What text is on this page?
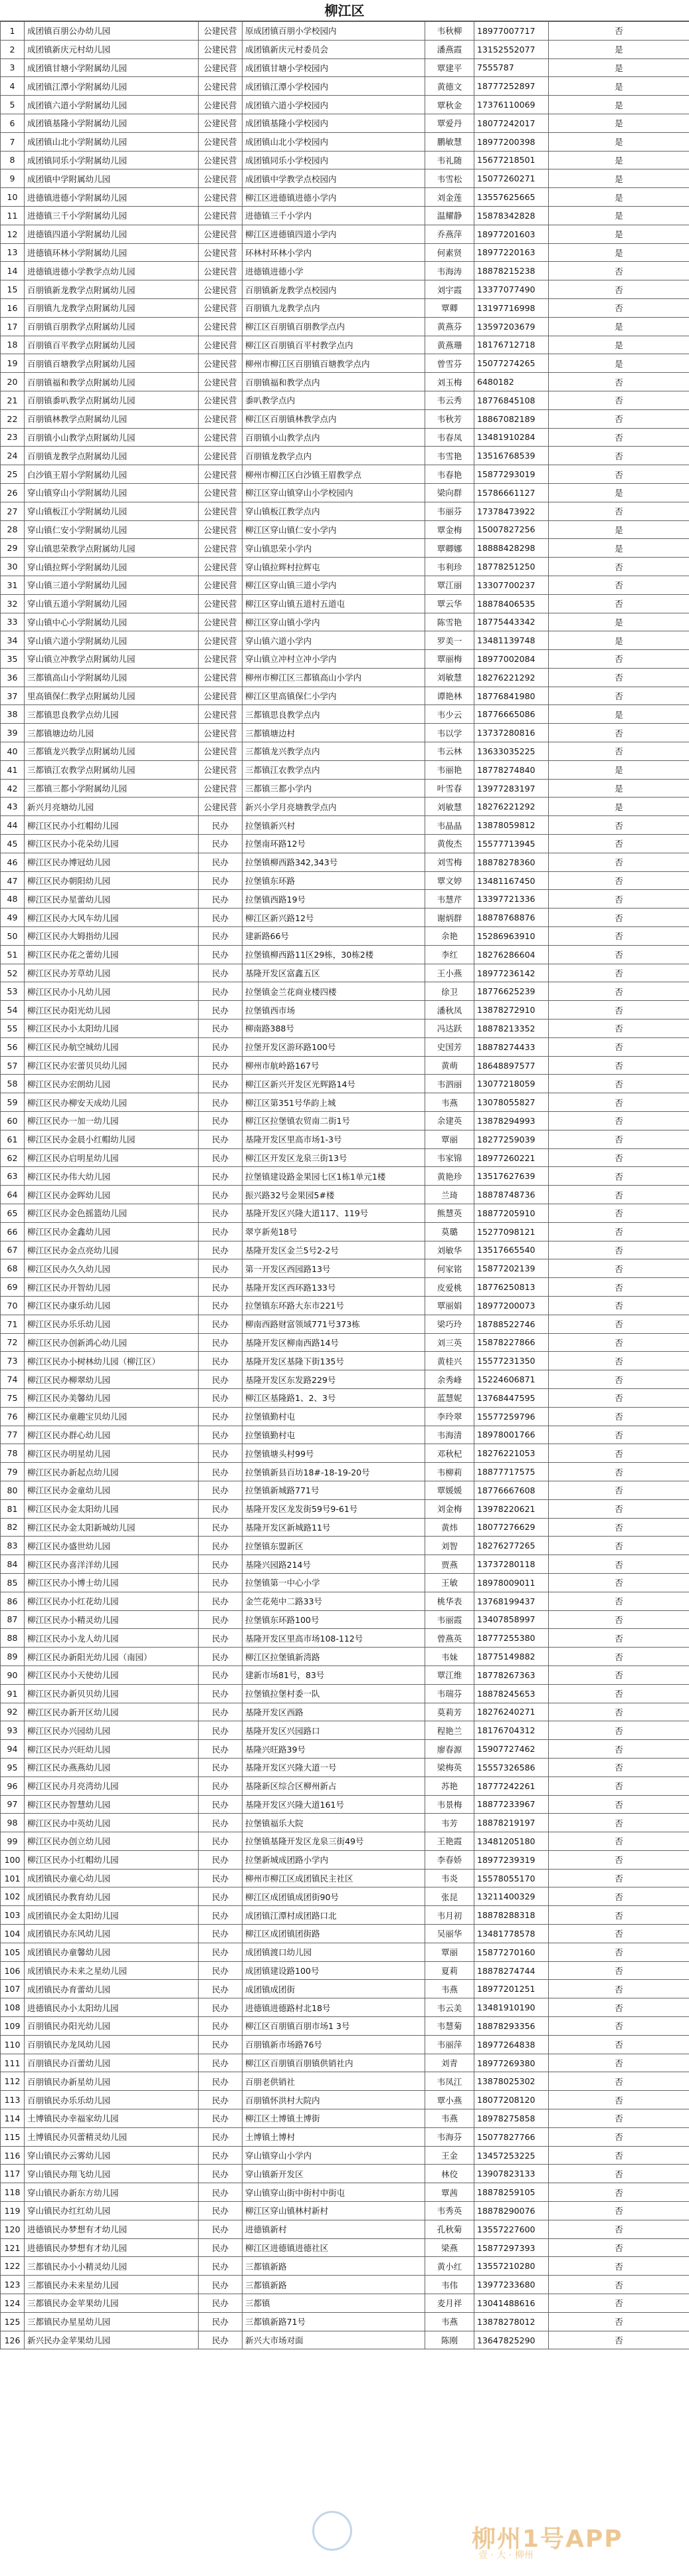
柳江区
1	成团镇百朋公办幼儿园	公建民营	原成团镇百朋小学校园内	韦秋柳	18977007717	否
2	成团镇新庆元村幼儿园	公建民营	成团镇新庆元村委员会	潘燕霞	13152552077	是
3	成团镇甘塘小学附属幼儿园	公建民营	成团镇甘塘小学校园内	覃建平	7555787	是
4	成团镇江潭小学附属幼儿园	公建民营	成团镇江潭小学校园内	黄德文	18777252897	是
5	成团镇六道小学附属幼儿园	公建民营	成团镇六道小学校园内	覃秋金	17376110069	是
6	成团镇基隆小学附属幼儿园	公建民营	成团镇基隆小学校园内	覃爱丹	18077242017	是
7	成团镇山北小学附属幼儿园	公建民营	成团镇山北小学校园内	鹏敏慧	18977200398	是
8	成团镇同乐小学附属幼儿园	公建民营	成团镇同乐小学校园内	韦礼随	15677218501	是
9	成团镇中学附属幼儿园	公建民营	成团镇中学教学点校园内	韦雪松	15077260271	是
10	进德镇进德小学附属幼儿园	公建民营	柳江区进德镇进德小学内	刘金莲	13557625665	是
11	进德镇三千小学附属幼儿园	公建民营	进德镇三千小学内	温耀静	15878342828	是
12	进德镇四道小学附属幼儿园	公建民营	柳江区进德镇四道小学内	乔燕萍	18977201603	是
13	进德镇环林小学附属幼儿园	公建民营	环林村环林小学内	何素贤	18977220163	是
14	进德镇进德小学教学点幼儿园	公建民营	进德镇进德小学	韦海涛	18878215238	否
15	百朋镇新龙教学点附属幼儿园	公建民营	百朋镇新龙教学点校园内	刘宇霞	13377077490	否
16	百朋镇九龙教学点附属幼儿园	公建民营	百朋镇九龙教学点内	覃卿	13197716998	否
17	百朋镇百朋教学点附属幼儿园	公建民营	柳江区百朋镇百朋教学点内	黄燕芬	13597203679	是
18	百朋镇百平教学点附属幼儿园	公建民营	柳江区百朋镇百平村教学点内	黄燕珊	18176712718	是
19	百朋镇百塘教学点附属幼儿园	公建民营	柳州市柳江区百朋镇百塘教学点内	曾雪芬	15077274265	是
20	百朋镇福和教学点附属幼儿园	公建民营	百朋镇福和教学点内	刘玉梅	6480182	否
21	百朋镇黍叭教学点附属幼儿园	公建民营	黍叭教学点内	韦云秀	18776845108	否
22	百朋镇林教学点附属幼儿园	公建民营	柳江区百朋镇林教学点内	韦秋芳	18867082189	否
23	百朋镇小山教学点附属幼儿园	公建民营	百朋镇小山教学点内	韦春凤	13481910284	否
24	百朋镇龙教学点附属幼儿园	公建民营	百朋镇龙教学点内	韦雪艳	13516768539	否
25	白沙镇王眉小学附属幼儿园	公建民营	柳州市柳江区白沙镇王眉教学点	韦春艳	15877293019	否
26	穿山镇穿山小学附属幼儿园	公建民营	柳江区穿山镇穿山小学校园内	梁向群	15786661127	是
27	穿山镇板江小学附属幼儿园	公建民营	穿山镇板江教学点内	韦丽芬	17378473922	否
28	穿山镇仁安小学附属幼儿园	公建民营	柳江区穿山镇仁安小学内	覃金梅	15007827256	是
29	穿山镇思荣教学点附属幼儿园	公建民营	穿山镇思荣小学内	覃卿娜	18888428298	是
30	穿山镇拉辉小学附属幼儿园	公建民营	穿山镇拉辉村拉辉屯	韦利珍	18778251250	否
31	穿山镇三道小学附属幼儿园	公建民营	柳江区穿山镇三道小学内	覃江丽	13307700237	否
32	穿山镇五道小学附属幼儿园	公建民营	柳江区穿山镇五道村五道屯	覃云华	18878406535	否
33	穿山镇中心小学附属幼儿园	公建民营	柳江区穿山镇小学内	陈雪艳	18775443342	是
34	穿山镇六道小学附属幼儿园	公建民营	穿山镇六道小学内	罗美一	13481139748	是
35	穿山镇立冲教学点附属幼儿园	公建民营	穿山镇立冲村立冲小学内	覃丽梅	18977002084	否
36	三都镇高山小学附属幼儿园	公建民营	柳州市柳江区三都镇高山小学内	刘敏慧	18276221292	否
37	里高镇保仁教学点附属幼儿园	公建民营	柳江区里高镇保仁小学内	谭艳林	18776841980	否
38	三都镇思良教学点幼儿园	公建民营	三都镇思良教学点内	韦少云	18776665086	是
39	三都镇塘边幼儿园	公建民营	三都镇塘边村	韦以学	13737280816	否
40	三都镇龙兴教学点附属幼儿园	公建民营	三都镇龙兴教学点内	韦云林	13633035225	否
41	三都镇江农教学点附属幼儿园	公建民营	三都镇江农教学点内	韦丽艳	18778274840	是
42	三都镇三都小学附属幼儿园	公建民营	三都镇三都小学内	叶雪春	13977283197	是
43	新兴月亮塘幼儿园	公建民营	新兴小学月亮塘教学点内	刘敏慧	18276221292	是
44	柳江区民办小红帽幼儿园	民办	拉堡镇新兴村	韦晶晶	13878059812	否
45	柳江区民办小花朵幼儿园	民办	拉堡南环路12号	黄俊杰	15577713945	否
46	柳江区民办博冠幼儿园	民办	拉堡镇柳西路342,343号	刘雪梅	18878278360	否
47	柳江区民办朝阳幼儿园	民办	拉堡镇东环路	覃文婷	13481167450	否
48	柳江区民办星蕾幼儿园	民办	拉堡镇西路19号	韦慧芹	13397721336	否
49	柳江区民办大风车幼儿园	民办	柳江区新兴路12号	谢炳群	18878768876	否
50	柳江区民办大姆指幼儿园	民办	建新路66号	余艳	15286963910	否
51	柳江区民办花之蕾幼儿园	民办	拉堡镇柳西路11区29栋，30栋2楼	李红	18276286604	否
52	柳江区民办芳草幼儿园	民办	基隆开发区富鑫五区	王小燕	18977236142	否
53	柳江区民办小凡幼儿园	民办	拉堡镇金兰花商业楼四楼	徐卫	18776625239	否
54	柳江区民办阳光幼儿园	民办	拉堡镇西市场	潘秋凤	13878272910	否
55	柳江区民办小太阳幼儿园	民办	柳南路388号	冯达跃	18878213352	否
56	柳江区民办航空城幼儿园	民办	拉堡开发区游环路100号	史国芳	18878274433	否
57	柳江区民办宏蕾贝贝幼儿园	民办	柳州市航岭路167号	黄萌	18648897577	否
58	柳江区民办宏朗幼儿园	民办	柳江区新兴开发区光辉路14号	韦泗丽	13077218059	否
59	柳江区民办柳安天成幼儿园	民办	柳江区第351号华韵上城	韦燕	13078055827	否
60	柳江区民办一加一幼儿园	民办	柳江区拉堡镇农贸南二街1号	余建英	13878294993	否
61	柳江区民办金晨小红帽幼儿园	民办	基隆开发区里高市场1-3号	覃丽	18277259039	否
62	柳江区民办启明星幼儿园	民办	柳江区开发区龙泉三街13号	韦家锦	18977260221	否
63	柳江区民办伟大幼儿园	民办	拉堡镇建设路金果园七区1栋1单元1楼	黄艳珍	13517627639	否
64	柳江区民办金晖幼儿园	民办	振兴路32号金果园5#楼	兰琦	18878748736	否
65	柳江区民办金色摇篮幼儿园	民办	基隆开发区兴隆大道117、119号	熊慧英	18877205910	否
66	柳江区民办金鑫幼儿园	民办	翠亨新苑18号	莫璐	15277098121	否
67	柳江区民办金点亮幼儿园	民办	基隆开发区金兰5号2-2号	刘敏华	13517665540	否
68	柳江区民办久久幼儿园	民办	第一开发区西园路13号	何家铭	15877202139	否
69	柳江区民办开智幼儿园	民办	基隆开发区西环路133号	皮爱桃	18776250813	否
70	柳江区民办康乐幼儿园	民办	拉堡镇东环路大东市221号	覃丽娟	18977200073	否
71	柳江区民办乐乐幼儿园	民办	柳南西路财富领域771号373栋	梁巧玲	18788522746	否
72	柳江区民办创新鸿心幼儿园	民办	基隆开发区柳南西路14号	刘三英	15878227866	否
73	柳江区民办小树林幼儿园（柳江区）	民办	基隆开发区基隆下街135号	黄桂兴	15577231350	否
74	柳江区民办柳翠幼儿园	民办	基隆开发区东发路229号	余秀峰	15224606871	否
75	柳江区民办美馨幼儿园	民办	柳江区基隆路1、2、3号	蓝慧妮	13768447595	否
76	柳江区民办童趣宝贝幼儿园	民办	拉堡镇勤村屯	李玲翠	15577259796	否
77	柳江区民办群心幼儿园	民办	拉堡镇勤村屯	韦海清	18978001766	否
78	柳江区民办明星幼儿园	民办	拉堡镇塘头村99号	邓秋杞	18276221053	否
79	柳江区民办新起点幼儿园	民办	拉堡镇新县百坊18#-18-19-20号	韦柳莉	18877717575	否
80	柳江区民办金童幼儿园	民办	拉堡镇新城路771号	覃媛媛	18776667608	否
81	柳江区民办金太阳幼儿园	民办	基隆开发区龙发街59号9-61号	刘金梅	13978220621	否
82	柳江区民办金太阳新城幼儿园	民办	基隆开发区新城路11号	黄炜	18077276629	否
83	柳江区民办盛世幼儿园	民办	拉堡镇东盟新区	刘智	18276277265	否
84	柳江区民办喜洋洋幼儿园	民办	基隆兴园路214号	贾燕	13737280118	否
85	柳江区民办小博士幼儿园	民办	拉堡镇第一中心小学	王敏	18978009011	否
86	柳江区民办小红花幼儿园	民办	金竺花苑中二路33号	桃华表	13768199437	否
87	柳江区民办小精灵幼儿园	民办	拉堡镇东环路100号	韦丽霞	13407858997	否
88	柳江区民办小龙人幼儿园	民办	基隆开发区里高市场108-112号	曾燕英	18777255380	否
89	柳江区民办新阳光幼儿园（南园）	民办	柳江区拉堡镇新湾路	韦妹	18775149882	否
90	柳江区民办小天使幼儿园	民办	建新市场81号，83号	覃江维	18778267363	否
91	柳江区民办新贝贝幼儿园	民办	拉堡镇拉堡村委一队	韦瑞芬	18878245653	否
92	柳江区民办新开区幼儿园	民办	基隆开发区西路	莫莉芳	18276240271	否
93	柳江区民办兴园幼儿园	民办	基隆开发区兴园路口	程艳兰	18176704312	否
94	柳江区民办兴旺幼儿园	民办	基隆兴旺路39号	廖春源	15907727462	否
95	柳江区民办燕燕幼儿园	民办	基隆开发区兴隆大道一号	梁梅英	15557326586	否
96	柳江区民办月亮湾幼儿园	民办	基隆新区综合区柳州新占	苏艳	18777242261	否
97	柳江区民办智慧幼儿园	民办	基隆开发区兴隆大道161号	韦景梅	18877233967	否
98	柳江区民办中英幼儿园	民办	拉堡镇福乐大院	韦芳	18878219197	否
99	柳江区民办创立幼儿园	民办	拉堡镇基隆开发区龙泉三街49号	王艳霞	13481205180	否
100	柳江区民办小红帽幼儿园	民办	拉堡新城成团路小学内	李春娇	18977239319	否
101	成团镇民办童心幼儿园	民办	柳州市柳江区成团镇民主社区	韦炎	15578055170	否
102	成团镇民办教育幼儿园	民办	柳江区成团镇成团街90号	张昆	13211400329	否
103	成团镇民办金太阳幼儿园	民办	成团镇江潭村成团路口北	韦月初	18878288318	否
104	成团镇民办东风幼儿园	民办	柳江区成团镇团街路	吴丽华	13481778578	否
105	成团镇民办童馨幼儿园	民办	成团镇渡口幼儿园	覃丽	15877270160	否
106	成团镇民办未来之星幼儿园	民办	成团镇建设路100号	夏莉	18878274744	否
107	成团镇民办育蕾幼儿园	民办	成团镇成团街	韦燕	18977201251	否
108	进德镇民办小太阳幼儿园	民办	进德镇进德路村北18号	韦云美	13481910190	否
109	百朋镇民办阳光幼儿园	民办	柳江区百朋镇百朋市场1 3号	韦慧菊	18878293356	否
110	百朋镇民办龙凤幼儿园	民办	百朋镇新市场路76号	韦丽萍	18977264838	否
111	百朋镇民办百蕾幼儿园	民办	柳江区百朋镇百朋镇供销社内	刘青	18977269380	否
112	百朋镇民办新星幼儿园	民办	百朋老供销社	韦凤江	13878025302	否
113	百朋镇民办乐乐幼儿园	民办	百朋镇怀洪村大院内	覃小燕	18077208120	否
114	土博镇民办幸福家幼儿园	民办	柳江区土博镇土博街	韦燕	18978275858	否
115	土博镇民办贝蕾精灵幼儿园	民办	土博镇土博村	韦海芬	15077827766	否
116	穿山镇民办云雾幼儿园	民办	穿山镇穿山小学内	王金	13457253225	否
117	穿山镇民办翔飞幼儿园	民办	穿山镇新开发区	林佼	13907823133	否
118	穿山镇民办新东方幼儿园	民办	穿山镇穿山街中街村中街屯	覃茜	18878259105	否
119	穿山镇民办红红幼儿园	民办	柳江区穿山镇林村新村	韦秀英	18878290076	否
120	进德镇民办梦想有才幼儿园	民办	进德镇新村	孔秋菊	13557227600	否
121	进德镇民办梦想有才幼儿园	民办	柳江区进德镇进德社区	梁燕	15877297393	否
122	三都镇民办小小精灵幼儿园	民办	三都镇新路	黄小红	13557210280	否
123	三都镇民办未来星幼儿园	民办	三都镇新路	韦伟	13977233680	否
124	三都镇民办金苹果幼儿园	民办	三都镇	麦月祥	13041488616	否
125	三都镇民办星星幼儿园	民办	三都镇新路71号	韦燕	13878278012	否
126	新兴民办金苹果幼儿园	民办	新兴大市场对面	陈刚	13647825290	否
柳州1号APP
壹 · 大 · 柳州
